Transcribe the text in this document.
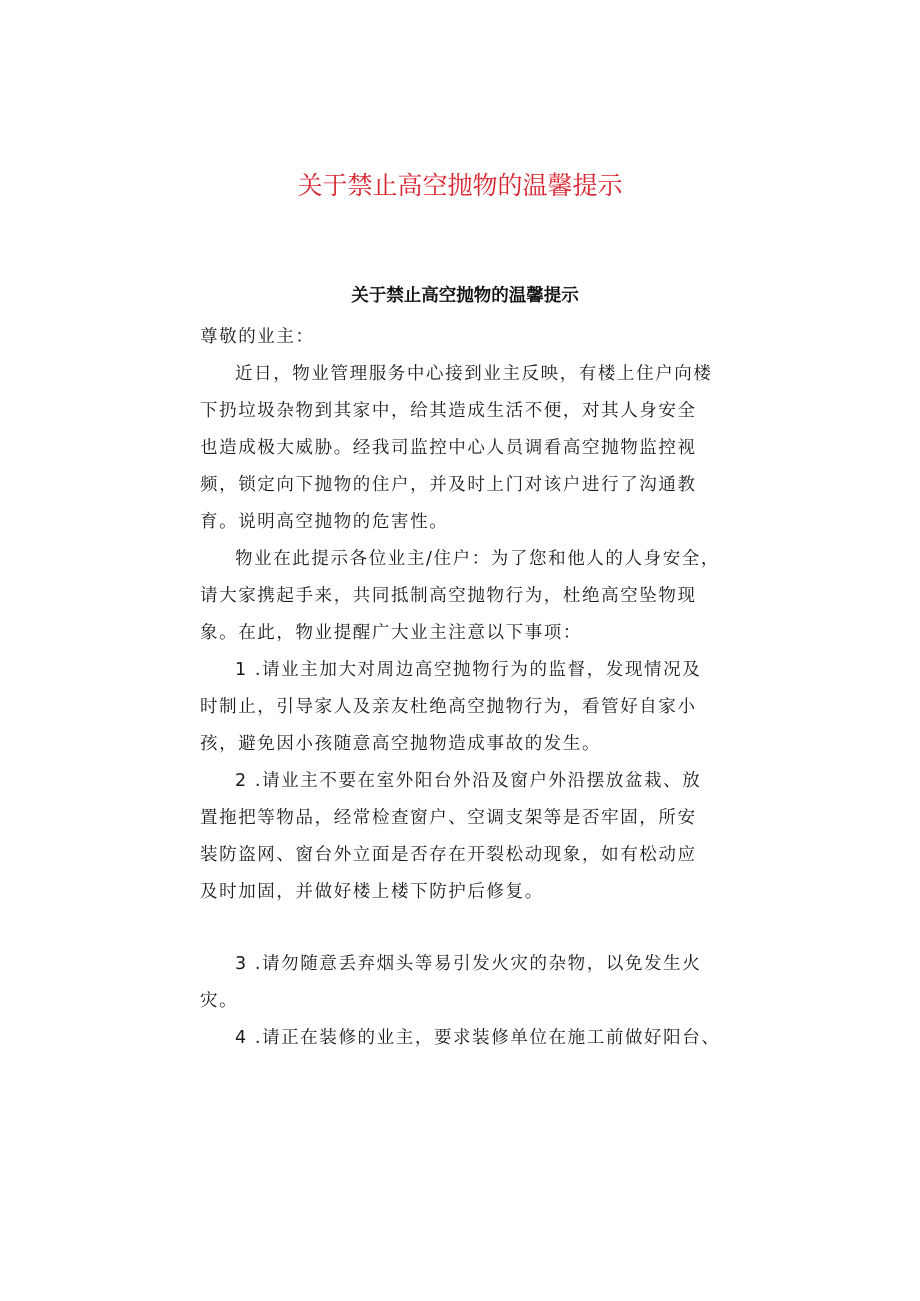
关于禁止高空抛物的温馨提示
关于禁止高空抛物的温馨提示
尊敬的业主：
近日，物业管理服务中心接到业主反映，有楼上住户向楼
下扔垃圾杂物到其家中，给其造成生活不便，对其人身安全
也造成极大威胁。经我司监控中心人员调看高空抛物监控视
频，锁定向下抛物的住户，并及时上门对该户进行了沟通教
育。说明高空抛物的危害性。
物业在此提示各位业主/住户：为了您和他人的人身安全，
请大家携起手来，共同抵制高空抛物行为，杜绝高空坠物现
象。在此，物业提醒广大业主注意以下事项：
1 .请业主加大对周边高空抛物行为的监督，发现情况及
时制止，引导家人及亲友杜绝高空抛物行为，看管好自家小
孩，避免因小孩随意高空抛物造成事故的发生。
2 .请业主不要在室外阳台外沿及窗户外沿摆放盆栽、放
置拖把等物品，经常检查窗户、空调支架等是否牢固，所安
装防盗网、窗台外立面是否存在开裂松动现象，如有松动应
及时加固，并做好楼上楼下防护后修复。
3 .请勿随意丢弃烟头等易引发火灾的杂物，以免发生火
灾。
4 .请正在装修的业主，要求装修单位在施工前做好阳台、
